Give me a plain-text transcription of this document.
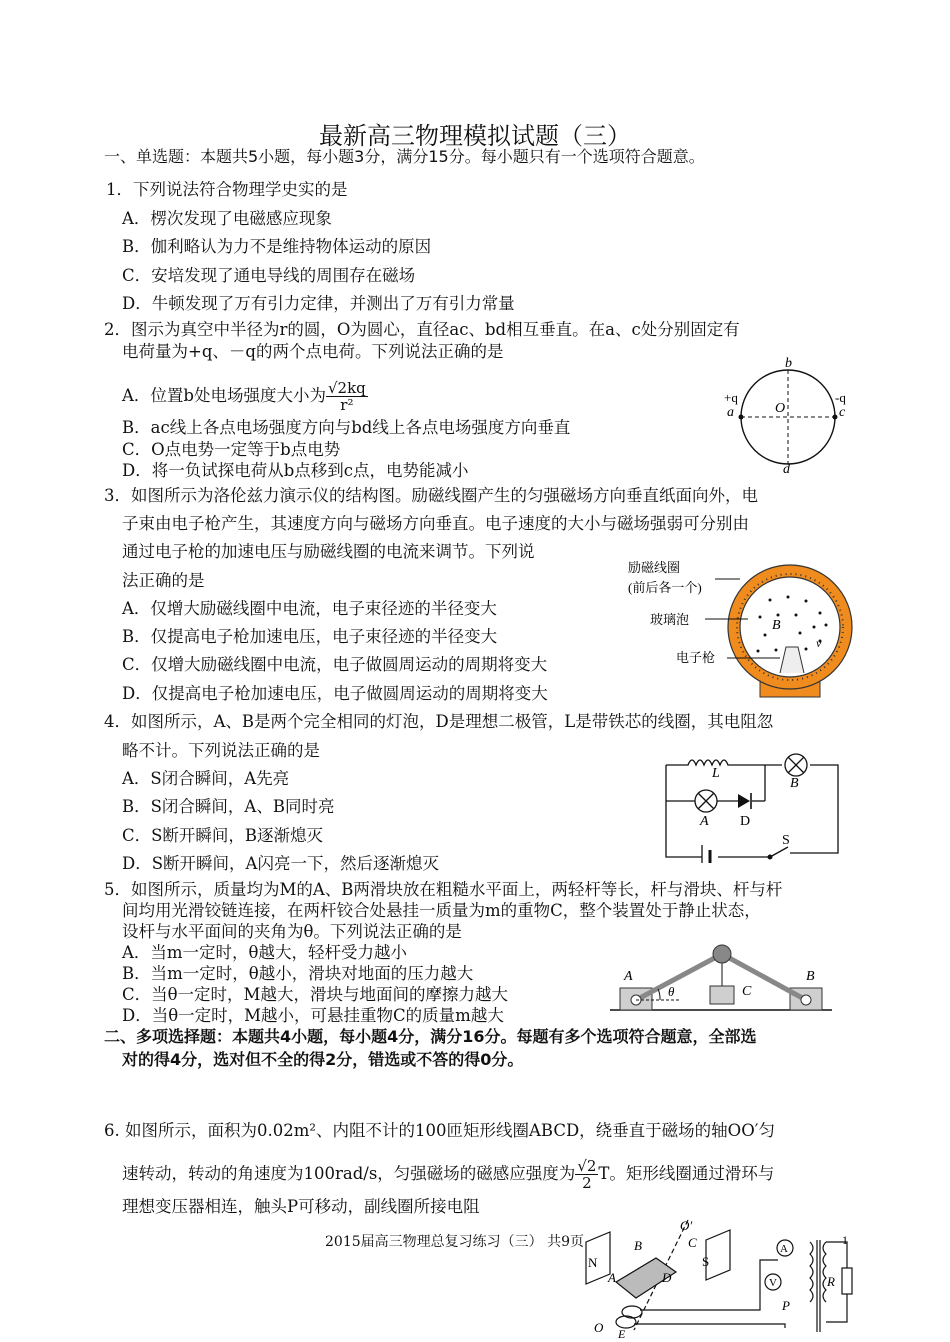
最新高三物理模拟试题（三）
一、单选题：本题共5小题，每小题3分，满分15分。每小题只有一个选项符合题意。
1．下列说法符合物理学史实的是
A．楞次发现了电磁感应现象
B．伽利略认为力不是维持物体运动的原因
C．安培发现了通电导线的周围存在磁场
D．牛顿发现了万有引力定律，并测出了万有引力常量
2．图示为真空中半径为r的圆，O为圆心，直径ac、bd相互垂直。在a、c处分别固定有
电荷量为+q、－q的两个点电荷。下列说法正确的是
A．位置b处电场强度大小为 $\frac{√2kq}{\text{r²}}$
B．ac线上各点电场强度方向与bd线上各点电场强度方向垂直
C．O点电势一定等于b点电势
D．将一负试探电荷从b点移到c点，电势能减小
b
d
+q
a
-q
c
O
3．如图所示为洛伦兹力演示仪的结构图。励磁线圈产生的匀强磁场方向垂直纸面向外，电
子束由电子枪产生，其速度方向与磁场方向垂直。电子速度的大小与磁场强弱可分别由
通过电子枪的加速电压与励磁线圈的电流来调节。下列说
法正确的是
A．仅增大励磁线圈中电流，电子束径迹的半径变大
B．仅提高电子枪加速电压，电子束径迹的半径变大
C．仅增大励磁线圈中电流，电子做圆周运动的周期将变大
D．仅提高电子枪加速电压，电子做圆周运动的周期将变大
励磁线圈
(前后各一个)
玻璃泡
电子枪
B
v
4．如图所示，A、B是两个完全相同的灯泡，D是理想二极管，L是带铁芯的线圈，其电阻忽
略不计。下列说法正确的是
A．S闭合瞬间，A先亮
B．S闭合瞬间，A、B同时亮
C．S断开瞬间，B逐渐熄灭
D．S断开瞬间，A闪亮一下，然后逐渐熄灭
L
B
A D
S
5．如图所示，质量均为M的A、B两滑块放在粗糙水平面上，两轻杆等长，杆与滑块、杆与杆
间均用光滑铰链连接，在两杆铰合处悬挂一质量为m的重物C，整个装置处于静止状态，
设杆与水平面间的夹角为θ。下列说法正确的是
A．当m一定时，θ越大，轻杆受力越小
B．当m一定时，θ越小，滑块对地面的压力越大
C．当θ一定时，M越大，滑块与地面间的摩擦力越大
D．当θ一定时，M越小，可悬挂重物C的质量m越大
A	B
C
θ
二、多项选择题：本题共4小题，每小题4分，满分16分。每题有多个选项符合题意，全部选
对的得4分，选对但不全的得2分，错选或不答的得0分。
6. 如图所示，面积为0.02m²、内阻不计的100匝矩形线圈ABCD，绕垂直于磁场的轴OO′匀
速转动，转动的角速度为100rad/s，匀强磁场的磁感应强度为 $\frac{√2}{2}$ T。矩形线圈通过滑环与
理想变压器相连，触头P可移动，副线圈所接电阻
2015届高三物理总复习练习（三） 共9页
O′
C
B
N	S
A	D
A
V	R
P
O E
1
